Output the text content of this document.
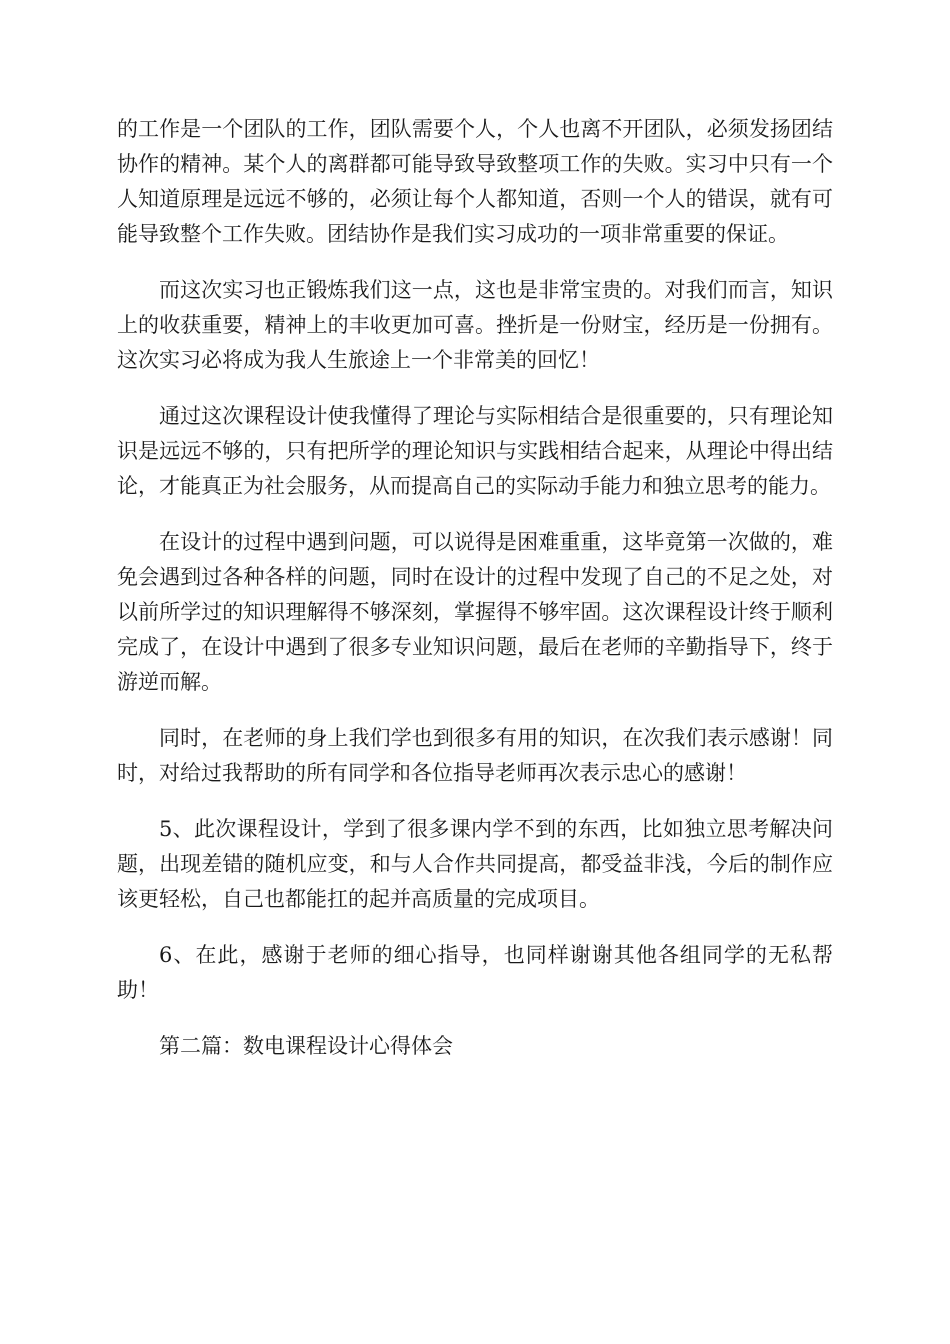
的工作是一个团队的工作，团队需要个人，个人也离不开团队，必须发扬团结协作的精神。某个人的离群都可能导致导致整项工作的失败。实习中只有一个人知道原理是远远不够的，必须让每个人都知道，否则一个人的错误，就有可能导致整个工作失败。团结协作是我们实习成功的一项非常重要的保证。

而这次实习也正锻炼我们这一点，这也是非常宝贵的。对我们而言，知识上的收获重要，精神上的丰收更加可喜。挫折是一份财宝，经历是一份拥有。这次实习必将成为我人生旅途上一个非常美的回忆！

通过这次课程设计使我懂得了理论与实际相结合是很重要的，只有理论知识是远远不够的，只有把所学的理论知识与实践相结合起来，从理论中得出结论，才能真正为社会服务，从而提高自己的实际动手能力和独立思考的能力。

在设计的过程中遇到问题，可以说得是困难重重，这毕竟第一次做的，难免会遇到过各种各样的问题，同时在设计的过程中发现了自己的不足之处，对以前所学过的知识理解得不够深刻，掌握得不够牢固。这次课程设计终于顺利完成了，在设计中遇到了很多专业知识问题，最后在老师的辛勤指导下，终于游逆而解。

同时，在老师的身上我们学也到很多有用的知识，在次我们表示感谢！同时，对给过我帮助的所有同学和各位指导老师再次表示忠心的感谢！

5、此次课程设计，学到了很多课内学不到的东西，比如独立思考解决问题，出现差错的随机应变，和与人合作共同提高，都受益非浅，今后的制作应该更轻松，自己也都能扛的起并高质量的完成项目。

6、在此，感谢于老师的细心指导，也同样谢谢其他各组同学的无私帮助！

第二篇：数电课程设计心得体会
